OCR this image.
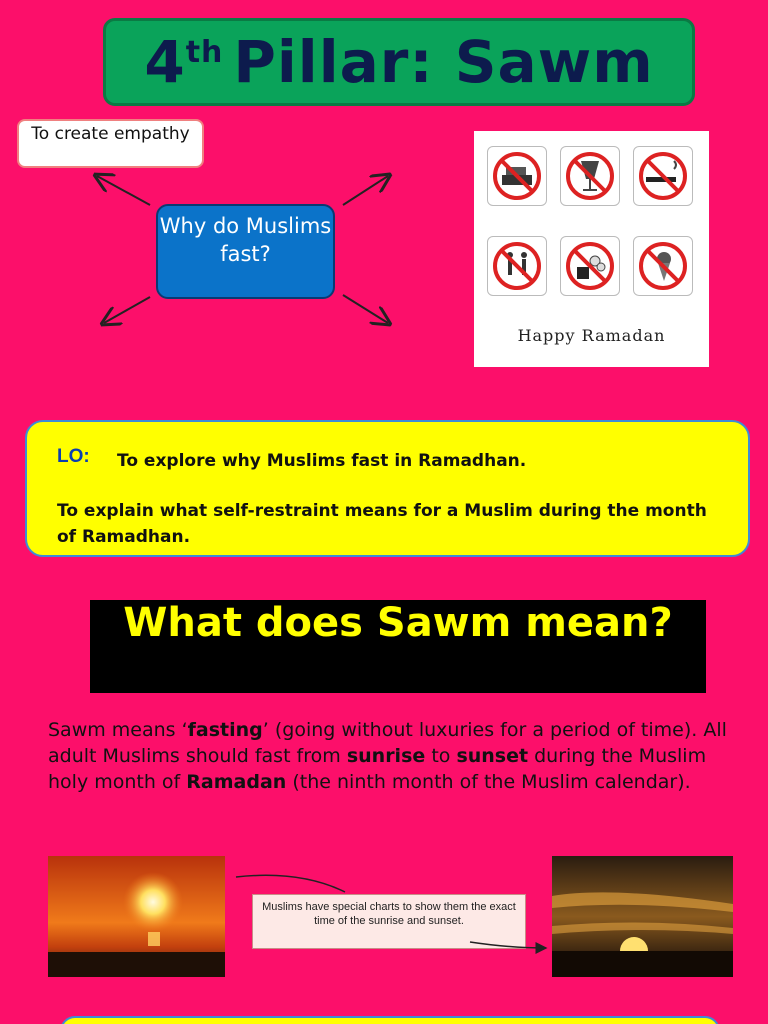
4th Pillar: Sawm
To create empathy
Why do Muslims fast?
Happy Ramadan
LO: To explore why Muslims fast in Ramadhan.
To explain what self-restraint means for a Muslim during the month of Ramadhan.
What does Sawm mean?
Sawm means ‘fasting’ (going without luxuries for a period of time). All adult Muslims should fast from sunrise to sunset during the Muslim holy month of Ramadan (the ninth month of the Muslim calendar).
Muslims have special charts to show them the exact time of the sunrise and sunset.
